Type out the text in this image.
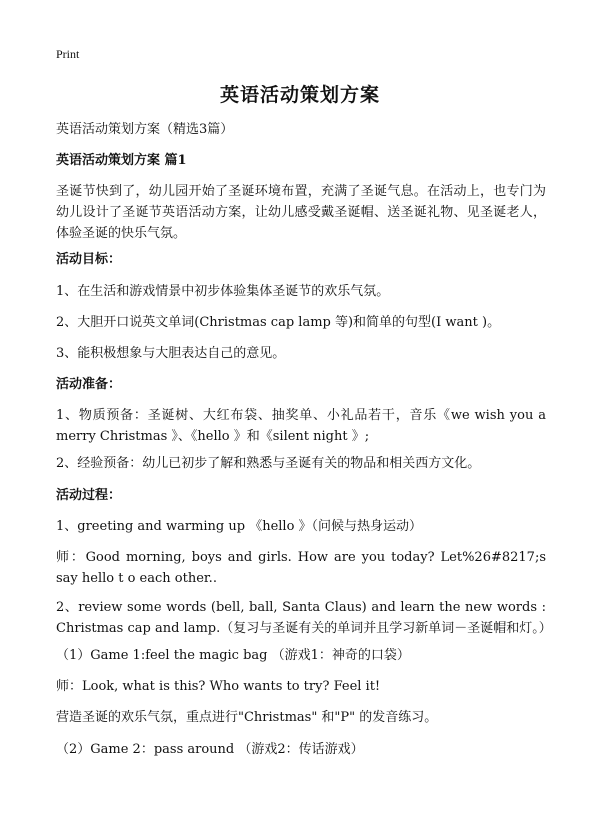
Print
英语活动策划方案

英语活动策划方案（精选3篇）

英语活动策划方案 篇1

圣诞节快到了，幼儿园开始了圣诞环境布置，充满了圣诞气息。在活动上，也专门为幼儿设计了圣诞节英语活动方案，让幼儿感受戴圣诞帽、送圣诞礼物、见圣诞老人，体验圣诞的快乐气氛。

活动目标：

1、在生活和游戏情景中初步体验集体圣诞节的欢乐气氛。

2、大胆开口说英文单词(Christmas cap lamp 等)和简单的句型(I want )。

3、能积极想象与大胆表达自己的意见。

活动准备：

1、物质预备：圣诞树、大红布袋、抽奖单、小礼品若干，音乐《we wish you a merry Christmas 》、《hello 》和《silent night 》;

2、经验预备：幼儿已初步了解和熟悉与圣诞有关的物品和相关西方文化。

活动过程：

1、greeting and warming up 《hello 》（问候与热身运动）

师：Good morning, boys and girls. How are you today? Let%26#8217;s say hello t o each other..

2、review some words (bell, ball, Santa Claus) and learn the new words : Christmas cap and lamp.（复习与圣诞有关的单词并且学习新单词－圣诞帽和灯。）

（1）Game 1:feel the magic bag （游戏1：神奇的口袋）

师：Look, what is this? Who wants to try? Feel it!

营造圣诞的欢乐气氛，重点进行"Christmas" 和"P" 的发音练习。

（2）Game 2：pass around （游戏2：传话游戏）
